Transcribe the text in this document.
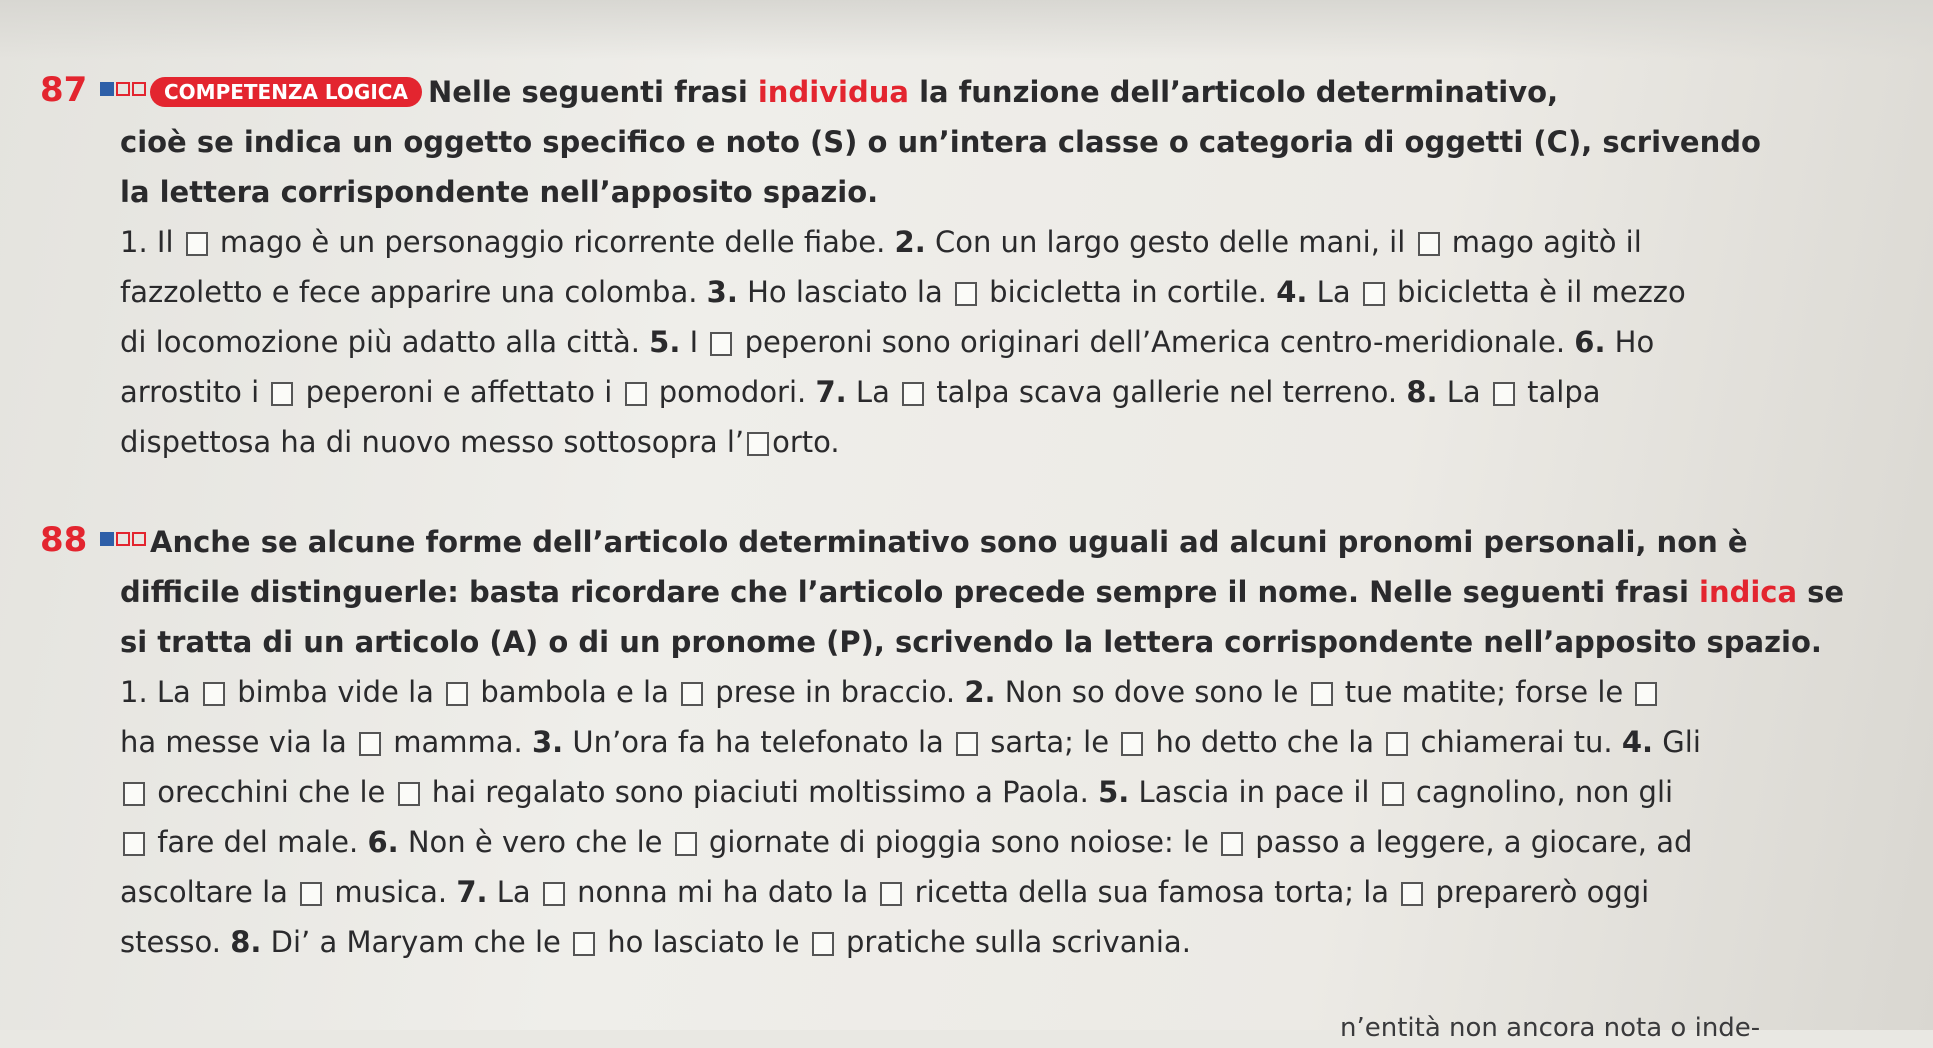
87	COMPETENZA LOGICA Nelle seguenti frasi individua la funzione dell’articolo determinativo,
cioè se indica un oggetto specifico e noto (S) o un’intera classe o categoria di oggetti (C), scrivendo
la lettera corrispondente nell’apposito spazio.
1. Il  mago è un personaggio ricorrente delle fiabe. 2. Con un largo gesto delle mani, il  mago agitò il
fazzoletto e fece apparire una colomba. 3. Ho lasciato la  bicicletta in cortile. 4. La  bicicletta è il mezzo
di locomozione più adatto alla città. 5. I  peperoni sono originari dell’America centro-meridionale. 6. Ho
arrostito i  peperoni e affettato i  pomodori. 7. La  talpa scava gallerie nel terreno. 8. La  talpa
dispettosa ha di nuovo messo sottosopra l’ orto.
88 Anche se alcune forme dell’articolo determinativo sono uguali ad alcuni pronomi personali, non è
difficile distinguerle: basta ricordare che l’articolo precede sempre il nome. Nelle seguenti frasi indica se
si tratta di un articolo (A) o di un pronome (P), scrivendo la lettera corrispondente nell’apposito spazio.
1. La  bimba vide la  bambola e la  prese in braccio. 2. Non so dove sono le  tue matite; forse le
ha messe via la  mamma. 3. Un’ora fa ha telefonato la  sarta; le  ho detto che la  chiamerai tu. 4. Gli
orecchini che le  hai regalato sono piaciuti moltissimo a Paola. 5. Lascia in pace il  cagnolino, non gli
fare del male. 6. Non è vero che le  giornate di pioggia sono noiose: le  passo a leggere, a giocare, ad
ascoltare la  musica. 7. La  nonna mi ha dato la  ricetta della sua famosa torta; la  preparerò oggi
stesso. 8. Di’ a Maryam che le  ho lasciato le  pratiche sulla scrivania.
n’entità non ancora nota o inde-
